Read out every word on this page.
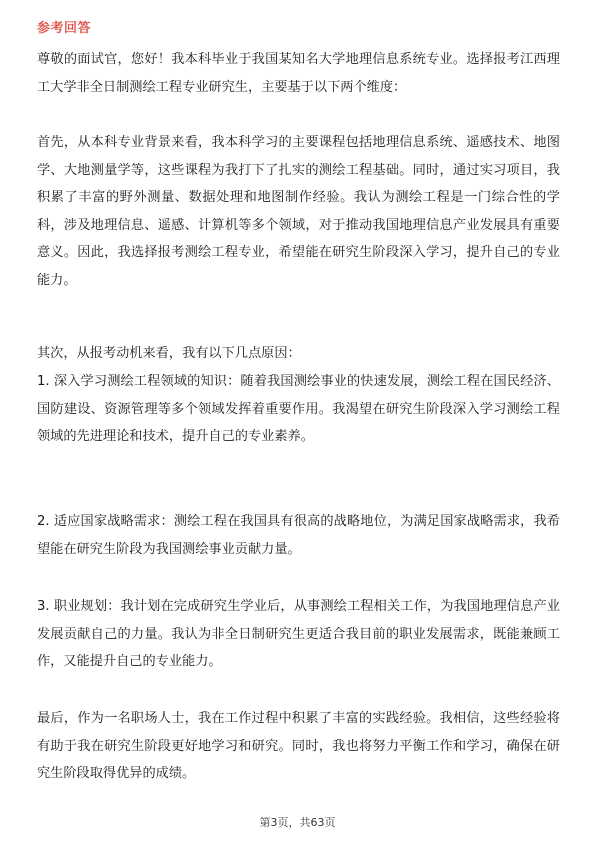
参考回答

尊敬的面试官，您好！我本科毕业于我国某知名大学地理信息系统专业。选择报考江西理工大学非全日制测绘工程专业研究生，主要基于以下两个维度：

首先，从本科专业背景来看，我本科学习的主要课程包括地理信息系统、遥感技术、地图学、大地测量学等，这些课程为我打下了扎实的测绘工程基础。同时，通过实习项目，我积累了丰富的野外测量、数据处理和地图制作经验。我认为测绘工程是一门综合性的学科，涉及地理信息、遥感、计算机等多个领域，对于推动我国地理信息产业发展具有重要意义。因此，我选择报考测绘工程专业，希望能在研究生阶段深入学习，提升自己的专业能力。

其次，从报考动机来看，我有以下几点原因：

1. 深入学习测绘工程领域的知识：随着我国测绘事业的快速发展，测绘工程在国民经济、国防建设、资源管理等多个领域发挥着重要作用。我渴望在研究生阶段深入学习测绘工程领域的先进理论和技术，提升自己的专业素养。

2. 适应国家战略需求：测绘工程在我国具有很高的战略地位，为满足国家战略需求，我希望能在研究生阶段为我国测绘事业贡献力量。

3. 职业规划：我计划在完成研究生学业后，从事测绘工程相关工作，为我国地理信息产业发展贡献自己的力量。我认为非全日制研究生更适合我目前的职业发展需求，既能兼顾工作，又能提升自己的专业能力。

最后，作为一名职场人士，我在工作过程中积累了丰富的实践经验。我相信，这些经验将有助于我在研究生阶段更好地学习和研究。同时，我也将努力平衡工作和学习，确保在研究生阶段取得优异的成绩。

第3页，共63页
